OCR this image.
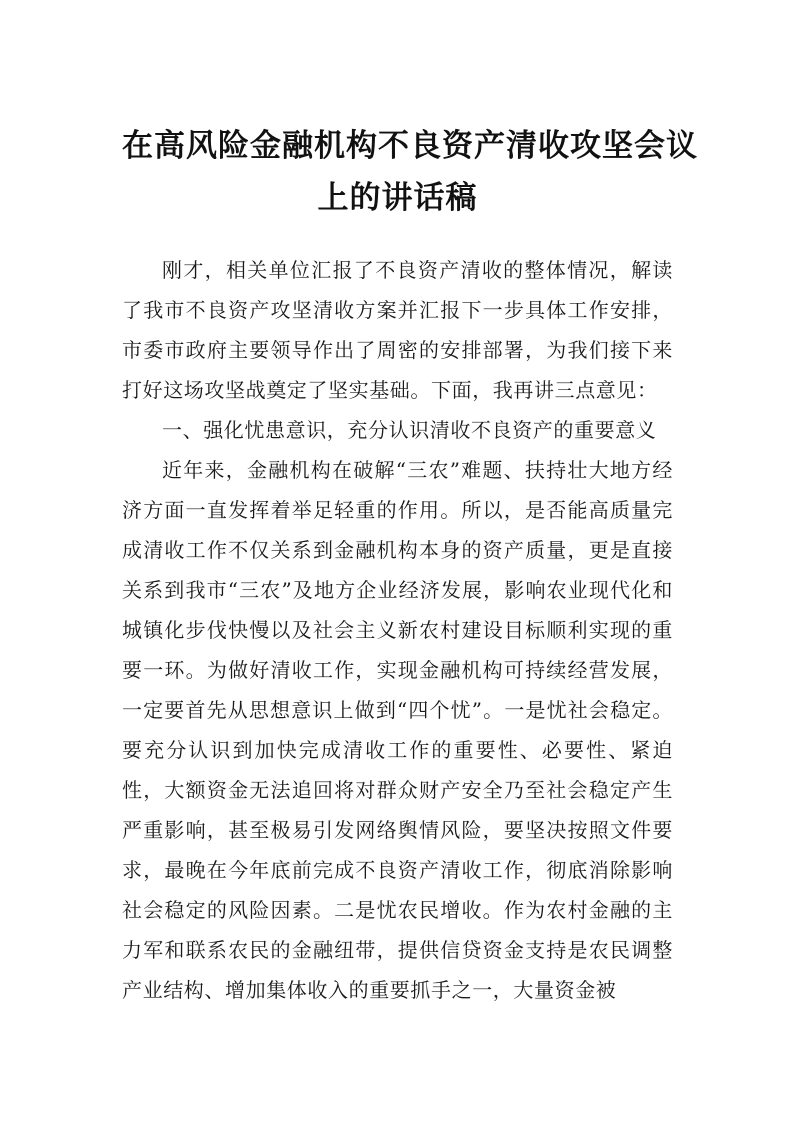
在高风险金融机构不良资产清收攻坚会议
上的讲话稿

刚才，相关单位汇报了不良资产清收的整体情况，解读了我市不良资产攻坚清收方案并汇报下一步具体工作安排，市委市政府主要领导作出了周密的安排部署，为我们接下来打好这场攻坚战奠定了坚实基础。下面，我再讲三点意见：

一、强化忧患意识，充分认识清收不良资产的重要意义

近年来，金融机构在破解“三农”难题、扶持壮大地方经济方面一直发挥着举足轻重的作用。所以，是否能高质量完成清收工作不仅关系到金融机构本身的资产质量，更是直接关系到我市“三农”及地方企业经济发展，影响农业现代化和城镇化步伐快慢以及社会主义新农村建设目标顺利实现的重要一环。为做好清收工作，实现金融机构可持续经营发展，一定要首先从思想意识上做到“四个忧”。一是忧社会稳定。要充分认识到加快完成清收工作的重要性、必要性、紧迫性，大额资金无法追回将对群众财产安全乃至社会稳定产生严重影响，甚至极易引发网络舆情风险，要坚决按照文件要求，最晚在今年底前完成不良资产清收工作，彻底消除影响社会稳定的风险因素。二是忧农民增收。作为农村金融的主力军和联系农民的金融纽带，提供信贷资金支持是农民调整产业结构、增加集体收入的重要抓手之一，大量资金被
